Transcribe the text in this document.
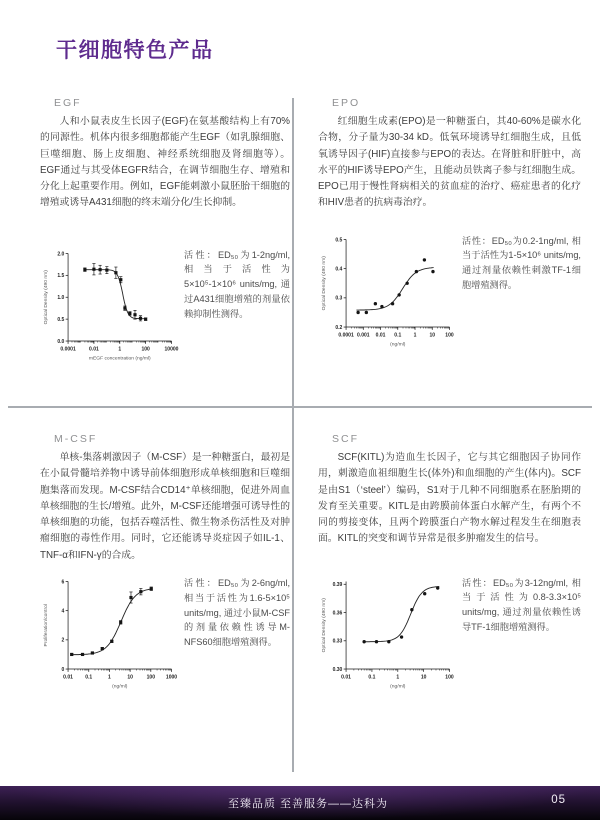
干细胞特色产品
EGF

人和小鼠表皮生长因子(EGF)在氨基酸结构上有70%的同源性。机体内很多细胞都能产生EGF（如乳腺细胞、巨噬细胞、肠上皮细胞、神经系统细胞及肾细胞等）。EGF通过与其受体EGFR结合，在调节细胞生存、增殖和分化上起重要作用。例如，EGF能刺激小鼠胚胎干细胞的增殖或诱导A431细胞的终末端分化/生长抑制。

0.0
0.5
1.0
1.5
2.0
0.0001 0.01	1	100	10000
mEGF concentration (ng/ml)
Optical Density (490 nm)

活性：ED₅₀为1-2ng/ml, 相当于活性为5×10⁵-1×10⁶ units/mg, 通过A431细胞增殖的剂量依赖抑制性测得。

EPO

红细胞生成素(EPO)是一种糖蛋白，其40-60%是碳水化合物，分子量为30-34 kD。低氧环境诱导红细胞生成，且低氧诱导因子(HIF)直接参与EPO的表达。在肾脏和肝脏中，高水平的HIF诱导EPO产生，且能动员铁离子参与红细胞生成。EPO已用于慢性肾病相关的贫血症的治疗、癌症患者的化疗和HIV患者的抗病毒治疗。

0.2
0.3
0.4
0.5
0.0001 0.001 0.01 0.1 1 10 100
(ng/ml)
Optical Density (490 nm)

活性：ED₅₀为0.2-1ng/ml, 相当于活性为1-5×10⁶ units/mg, 通过剂量依赖性刺激TF-1细胞增殖测得。

M-CSF

单核-集落刺激因子（M-CSF）是一种糖蛋白，最初是在小鼠骨髓培养物中诱导前体细胞形成单核细胞和巨噬细胞集落而发现。M-CSF结合CD14⁺单核细胞，促进外周血单核细胞的生长/增殖。此外，M-CSF还能增强可诱导性的单核细胞的功能，包括吞噬活性、微生物杀伤活性及对肿瘤细胞的毒性作用。同时，它还能诱导炎症因子如IL-1、TNF-α和IFN-γ的合成。

0
2
4
6
0.01 0.1	1	10	100 1000
(ng/ml)
Proliferation/control

活性：ED₅₀为2-6ng/ml, 相当于活性为1.6-5×10⁵ units/mg, 通过小鼠M-CSF的剂量依赖性诱导M-NFS60细胞增殖测得。

SCF

SCF(KITL)为造血生长因子，它与其它细胞因子协同作用，刺激造血祖细胞生长(体外)和血细胞的产生(体内)。SCF是由S1（‘steel’）编码，S1对于几种不同细胞系在胚胎期的发育至关重要。KITL是由跨膜前体蛋白水解产生，有两个不同的剪接变体，且两个跨膜蛋白产物水解过程发生在细胞表面。KITL的突变和调节异常是很多肿瘤发生的信号。

0.30
0.33
0.36
0.39
0.01	0.1	1	10	100
(ng/ml)
Optical Density (490 nm)

活性：ED₅₀为3-12ng/ml, 相当于活性为0.8-3.3×10⁵ units/mg, 通过剂量依赖性诱导TF-1细胞增殖测得。

至臻品质 至善服务——达科为	05
